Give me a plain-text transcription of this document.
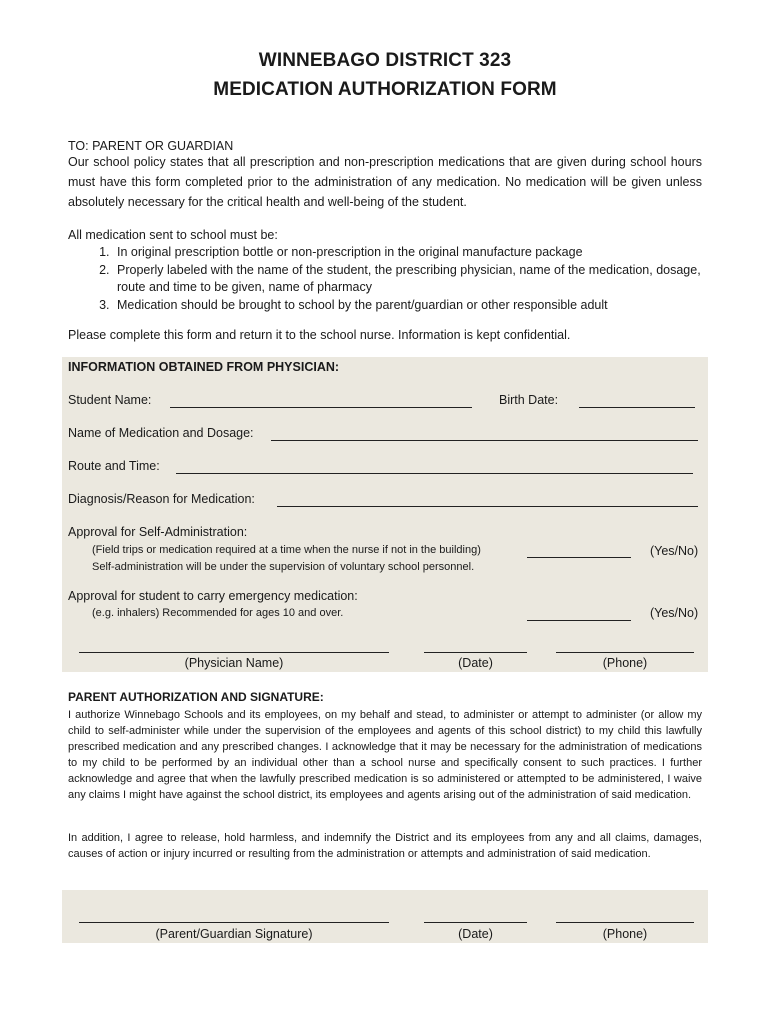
WINNEBAGO DISTRICT 323
MEDICATION AUTHORIZATION FORM
TO: PARENT OR GUARDIAN
Our school policy states that all prescription and non-prescription medications that are given during school hours must have this form completed prior to the administration of any medication. No medication will be given unless absolutely necessary for the critical health and well-being of the student.
All medication sent to school must be:
1. In original prescription bottle or non-prescription in the original manufacture package
2. Properly labeled with the name of the student, the prescribing physician, name of the medication, dosage, route and time to be given, name of pharmacy
3. Medication should be brought to school by the parent/guardian or other responsible adult
Please complete this form and return it to the school nurse. Information is kept confidential.
INFORMATION OBTAINED FROM PHYSICIAN:
Student Name:	Birth Date:
Name of Medication and Dosage:
Route and Time:
Diagnosis/Reason for Medication:
Approval for Self-Administration:
(Field trips or medication required at a time when the nurse if not in the building)
Self-administration will be under the supervision of voluntary school personnel.
(Yes/No)
Approval for student to carry emergency medication:
(e.g. inhalers) Recommended for ages 10 and over.	(Yes/No)
(Physician Name)	(Date)	(Phone)
PARENT AUTHORIZATION AND SIGNATURE:
I authorize Winnebago Schools and its employees, on my behalf and stead, to administer or attempt to administer (or allow my child to self-administer while under the supervision of the employees and agents of this school district) to my child this lawfully prescribed medication and any prescribed changes. I acknowledge that it may be necessary for the administration of medications to my child to be performed by an individual other than a school nurse and specifically consent to such practices. I further acknowledge and agree that when the lawfully prescribed medication is so administered or attempted to be administered, I waive any claims I might have against the school district, its employees and agents arising out of the administration of said medication.
In addition, I agree to release, hold harmless, and indemnify the District and its employees from any and all claims, damages, causes of action or injury incurred or resulting from the administration or attempts and administration of said medication.
(Parent/Guardian Signature)	(Date)	(Phone)
